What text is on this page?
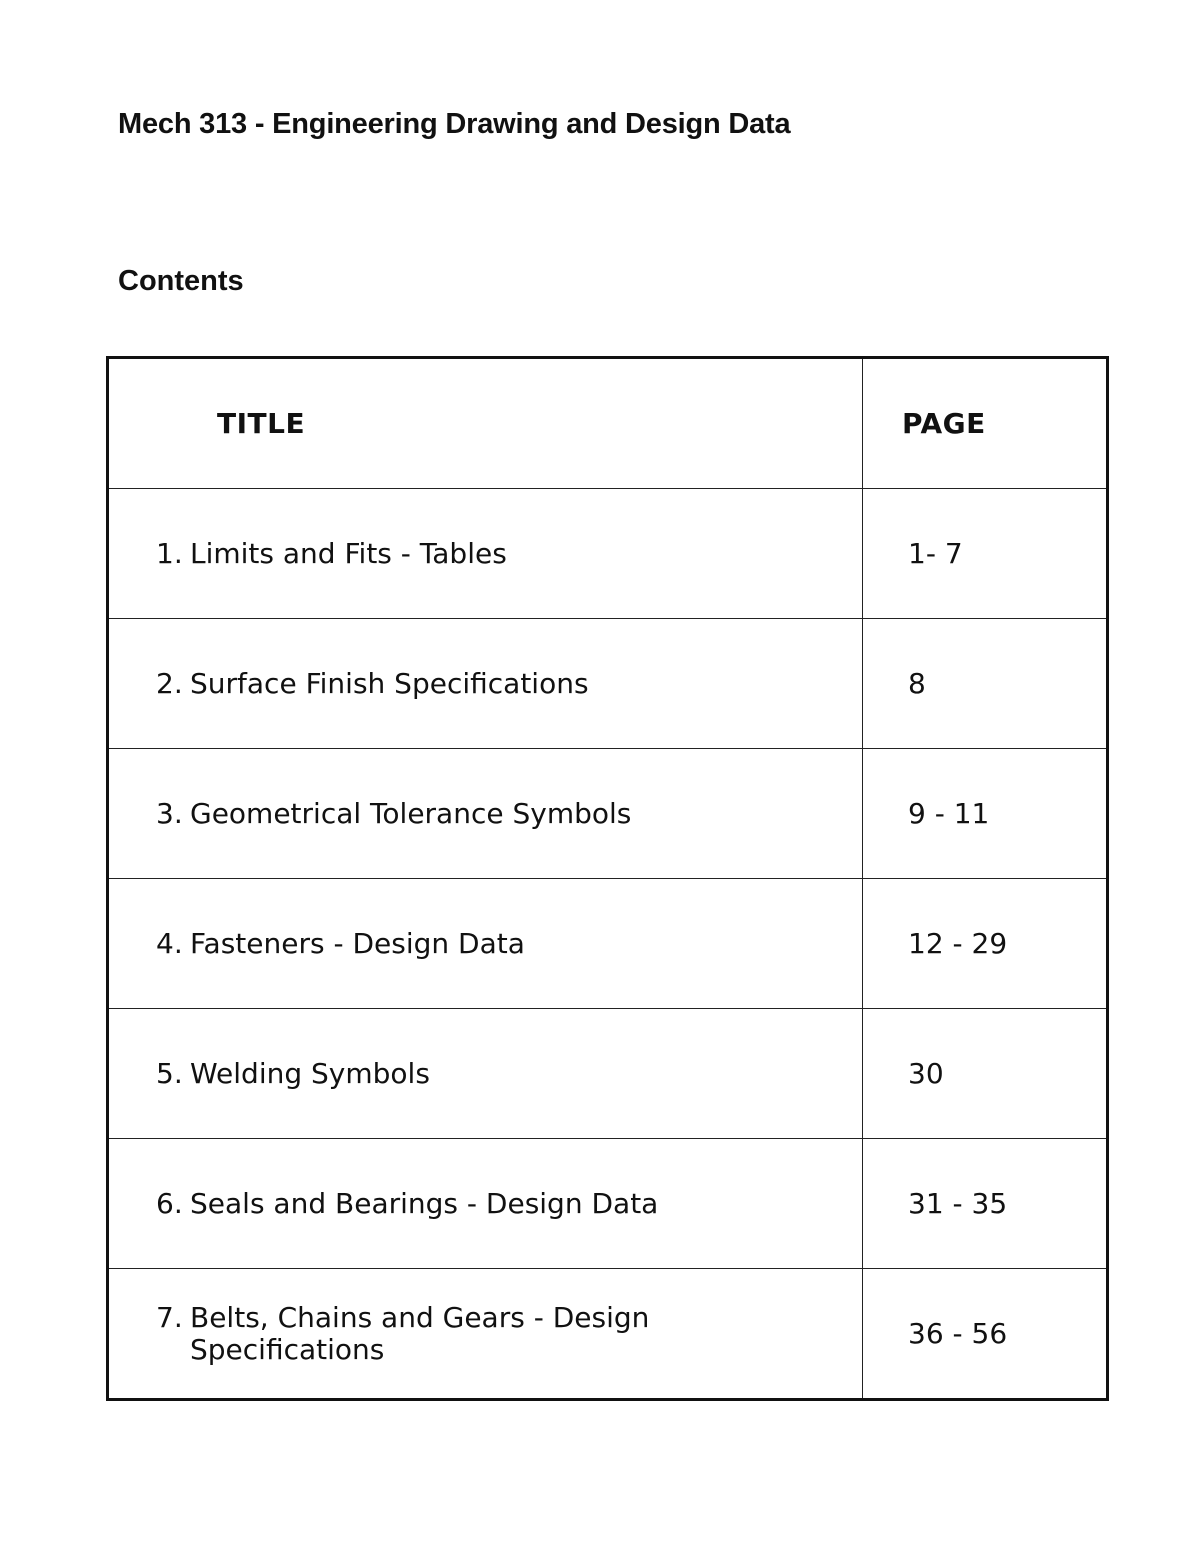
Mech 313 - Engineering Drawing and Design Data
Contents
TITLE	PAGE

1. Limits and Fits - Tables	1- 7

2. Surface Finish Specifications	8

3. Geometrical Tolerance Symbols	9 - 11

4. Fasteners - Design Data	12 - 29

5. Welding Symbols	30

6. Seals and Bearings - Design Data	31 - 35

7. Belts, Chains and Gears - Design Specifications	36 - 56
